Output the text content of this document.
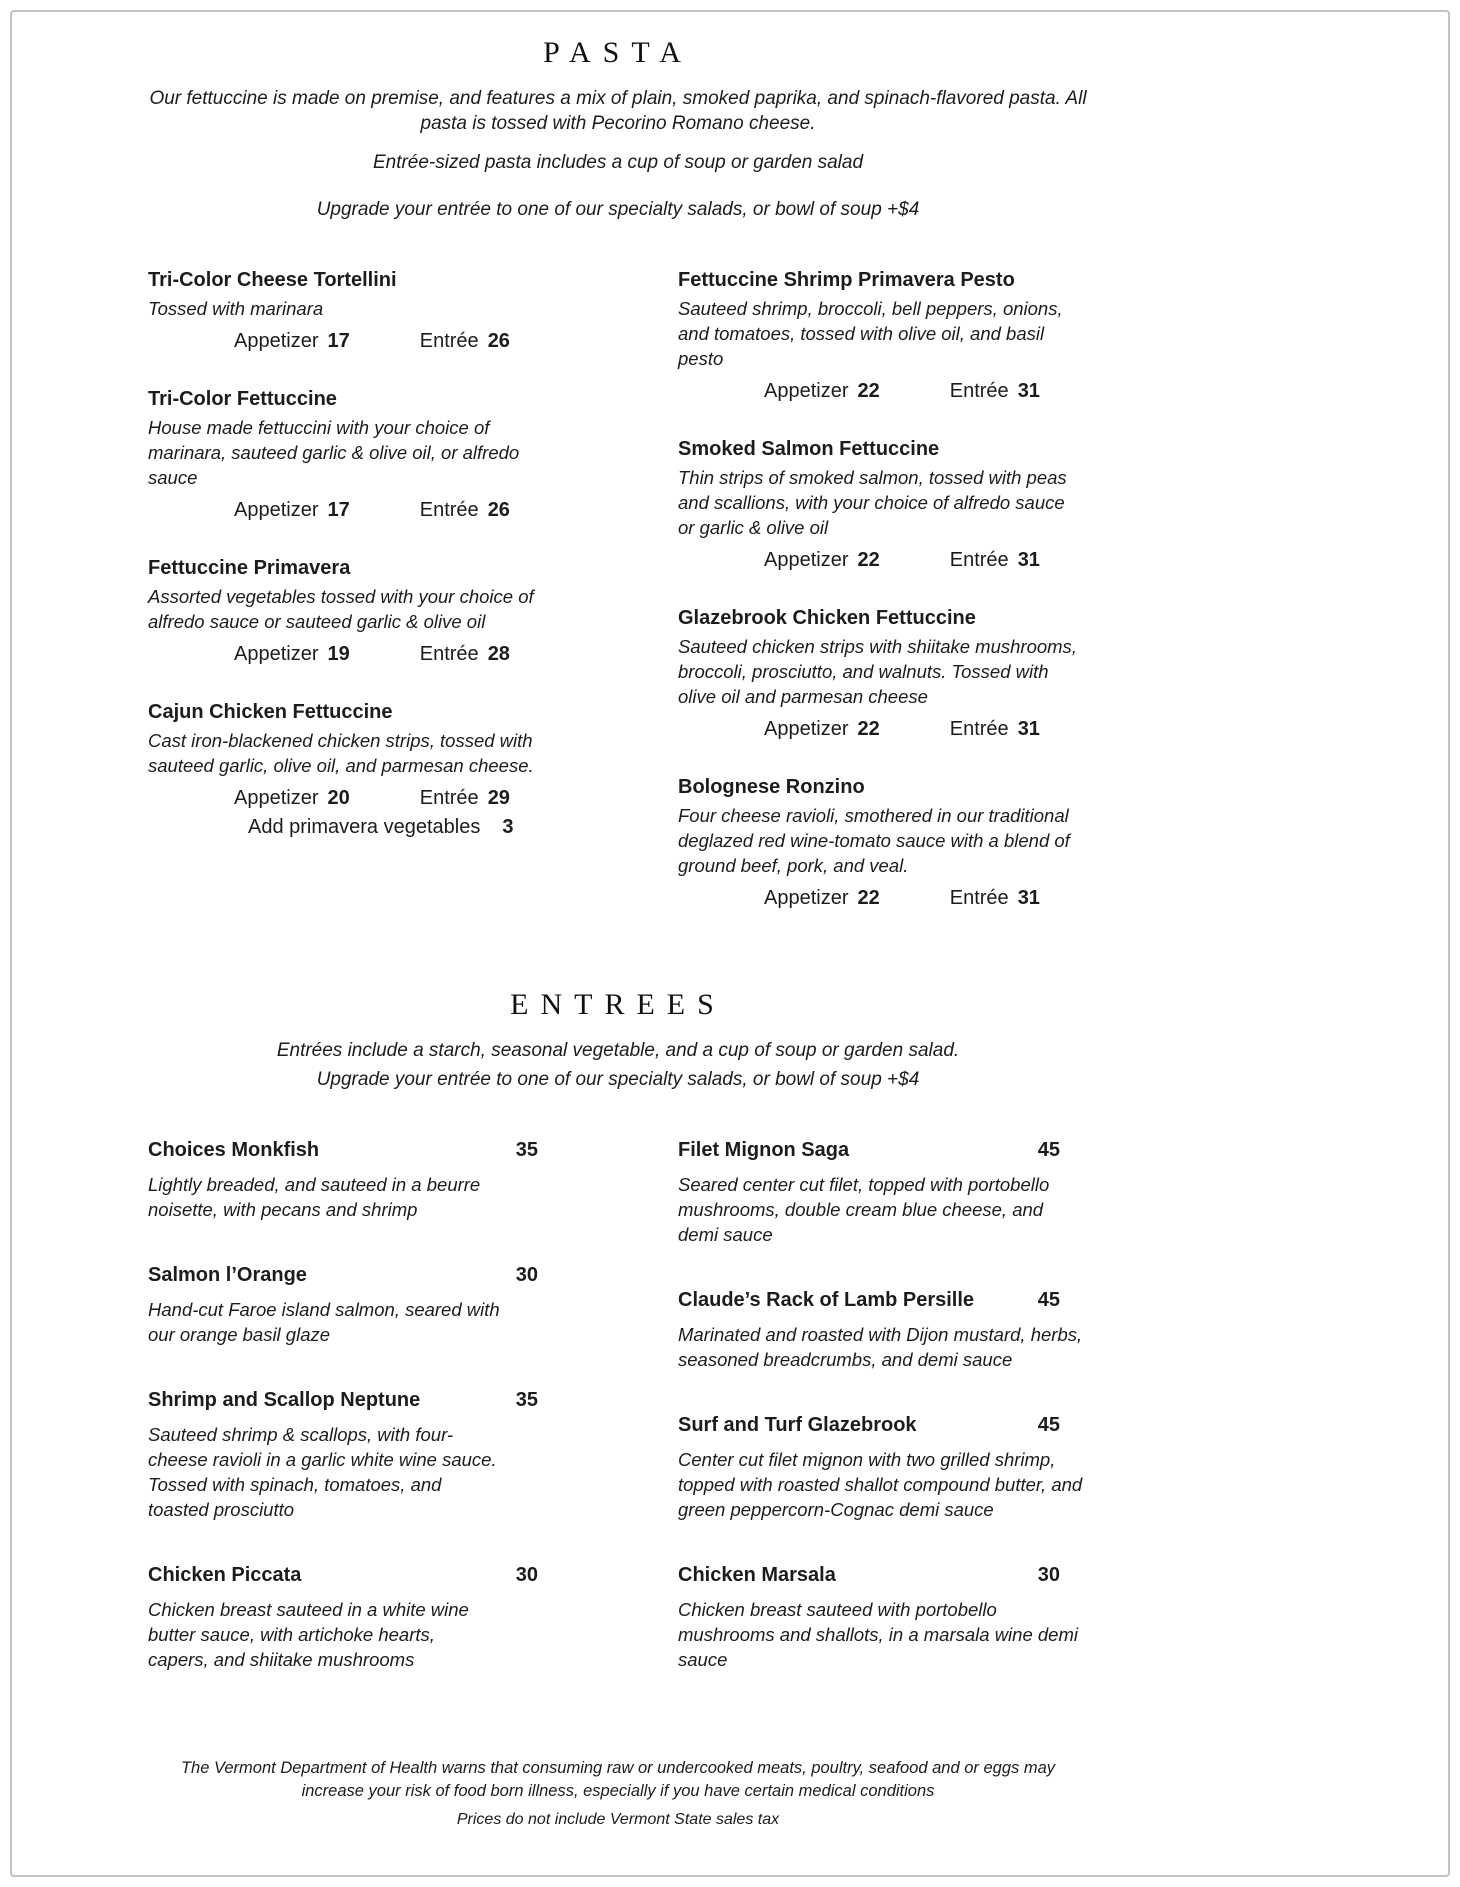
PASTA

Our fettuccine is made on premise, and features a mix of plain, smoked paprika, and spinach-flavored pasta. All pasta is tossed with Pecorino Romano cheese.

Entrée-sized pasta includes a cup of soup or garden salad

Upgrade your entrée to one of our specialty salads, or bowl of soup +$4

Tri-Color Cheese Tortellini

Tossed with marinara

Appetizer 17	Entrée 26
Tri-Color Fettuccine

House made fettuccini with your choice of marinara, sauteed garlic & olive oil, or alfredo sauce

Appetizer 17	Entrée 26
Fettuccine Primavera

Assorted vegetables tossed with your choice of alfredo sauce or sauteed garlic & olive oil

Appetizer 19	Entrée 28
Cajun Chicken Fettuccine

Cast iron-blackened chicken strips, tossed with sauteed garlic, olive oil, and parmesan cheese.

Appetizer 20	Entrée 29
Add primavera vegetables 3
Fettuccine Shrimp Primavera Pesto

Sauteed shrimp, broccoli, bell peppers, onions, and tomatoes, tossed with olive oil, and basil pesto

Appetizer 22	Entrée 31
Smoked Salmon Fettuccine

Thin strips of smoked salmon, tossed with peas and scallions, with your choice of alfredo sauce or garlic & olive oil

Appetizer 22	Entrée 31
Glazebrook Chicken Fettuccine

Sauteed chicken strips with shiitake mushrooms, broccoli, prosciutto, and walnuts. Tossed with olive oil and parmesan cheese

Appetizer 22	Entrée 31
Bolognese Ronzino

Four cheese ravioli, smothered in our traditional deglazed red wine-tomato sauce with a blend of ground beef, pork, and veal.

Appetizer 22	Entrée 31
ENTREES

Entrées include a starch, seasonal vegetable, and a cup of soup or garden salad.

Upgrade your entrée to one of our specialty salads, or bowl of soup +$4

Choices Monkfish	35

Lightly breaded, and sauteed in a beurre noisette, with pecans and shrimp

Salmon l’Orange	30

Hand-cut Faroe island salmon, seared with our orange basil glaze

Shrimp and Scallop Neptune	35

Sauteed shrimp & scallops, with four-cheese ravioli in a garlic white wine sauce. Tossed with spinach, tomatoes, and toasted prosciutto

Chicken Piccata	30

Chicken breast sauteed in a white wine butter sauce, with artichoke hearts, capers, and shiitake mushrooms

Filet Mignon Saga	45

Seared center cut filet, topped with portobello mushrooms, double cream blue cheese, and demi sauce

Claude’s Rack of Lamb Persille	45

Marinated and roasted with Dijon mustard, herbs, seasoned breadcrumbs, and demi sauce

Surf and Turf Glazebrook	45

Center cut filet mignon with two grilled shrimp, topped with roasted shallot compound butter, and green peppercorn-Cognac demi sauce

Chicken Marsala	30

Chicken breast sauteed with portobello mushrooms and shallots, in a marsala wine demi sauce

The Vermont Department of Health warns that consuming raw or undercooked meats, poultry, seafood and or eggs may increase your risk of food born illness, especially if you have certain medical conditions

Prices do not include Vermont State sales tax
